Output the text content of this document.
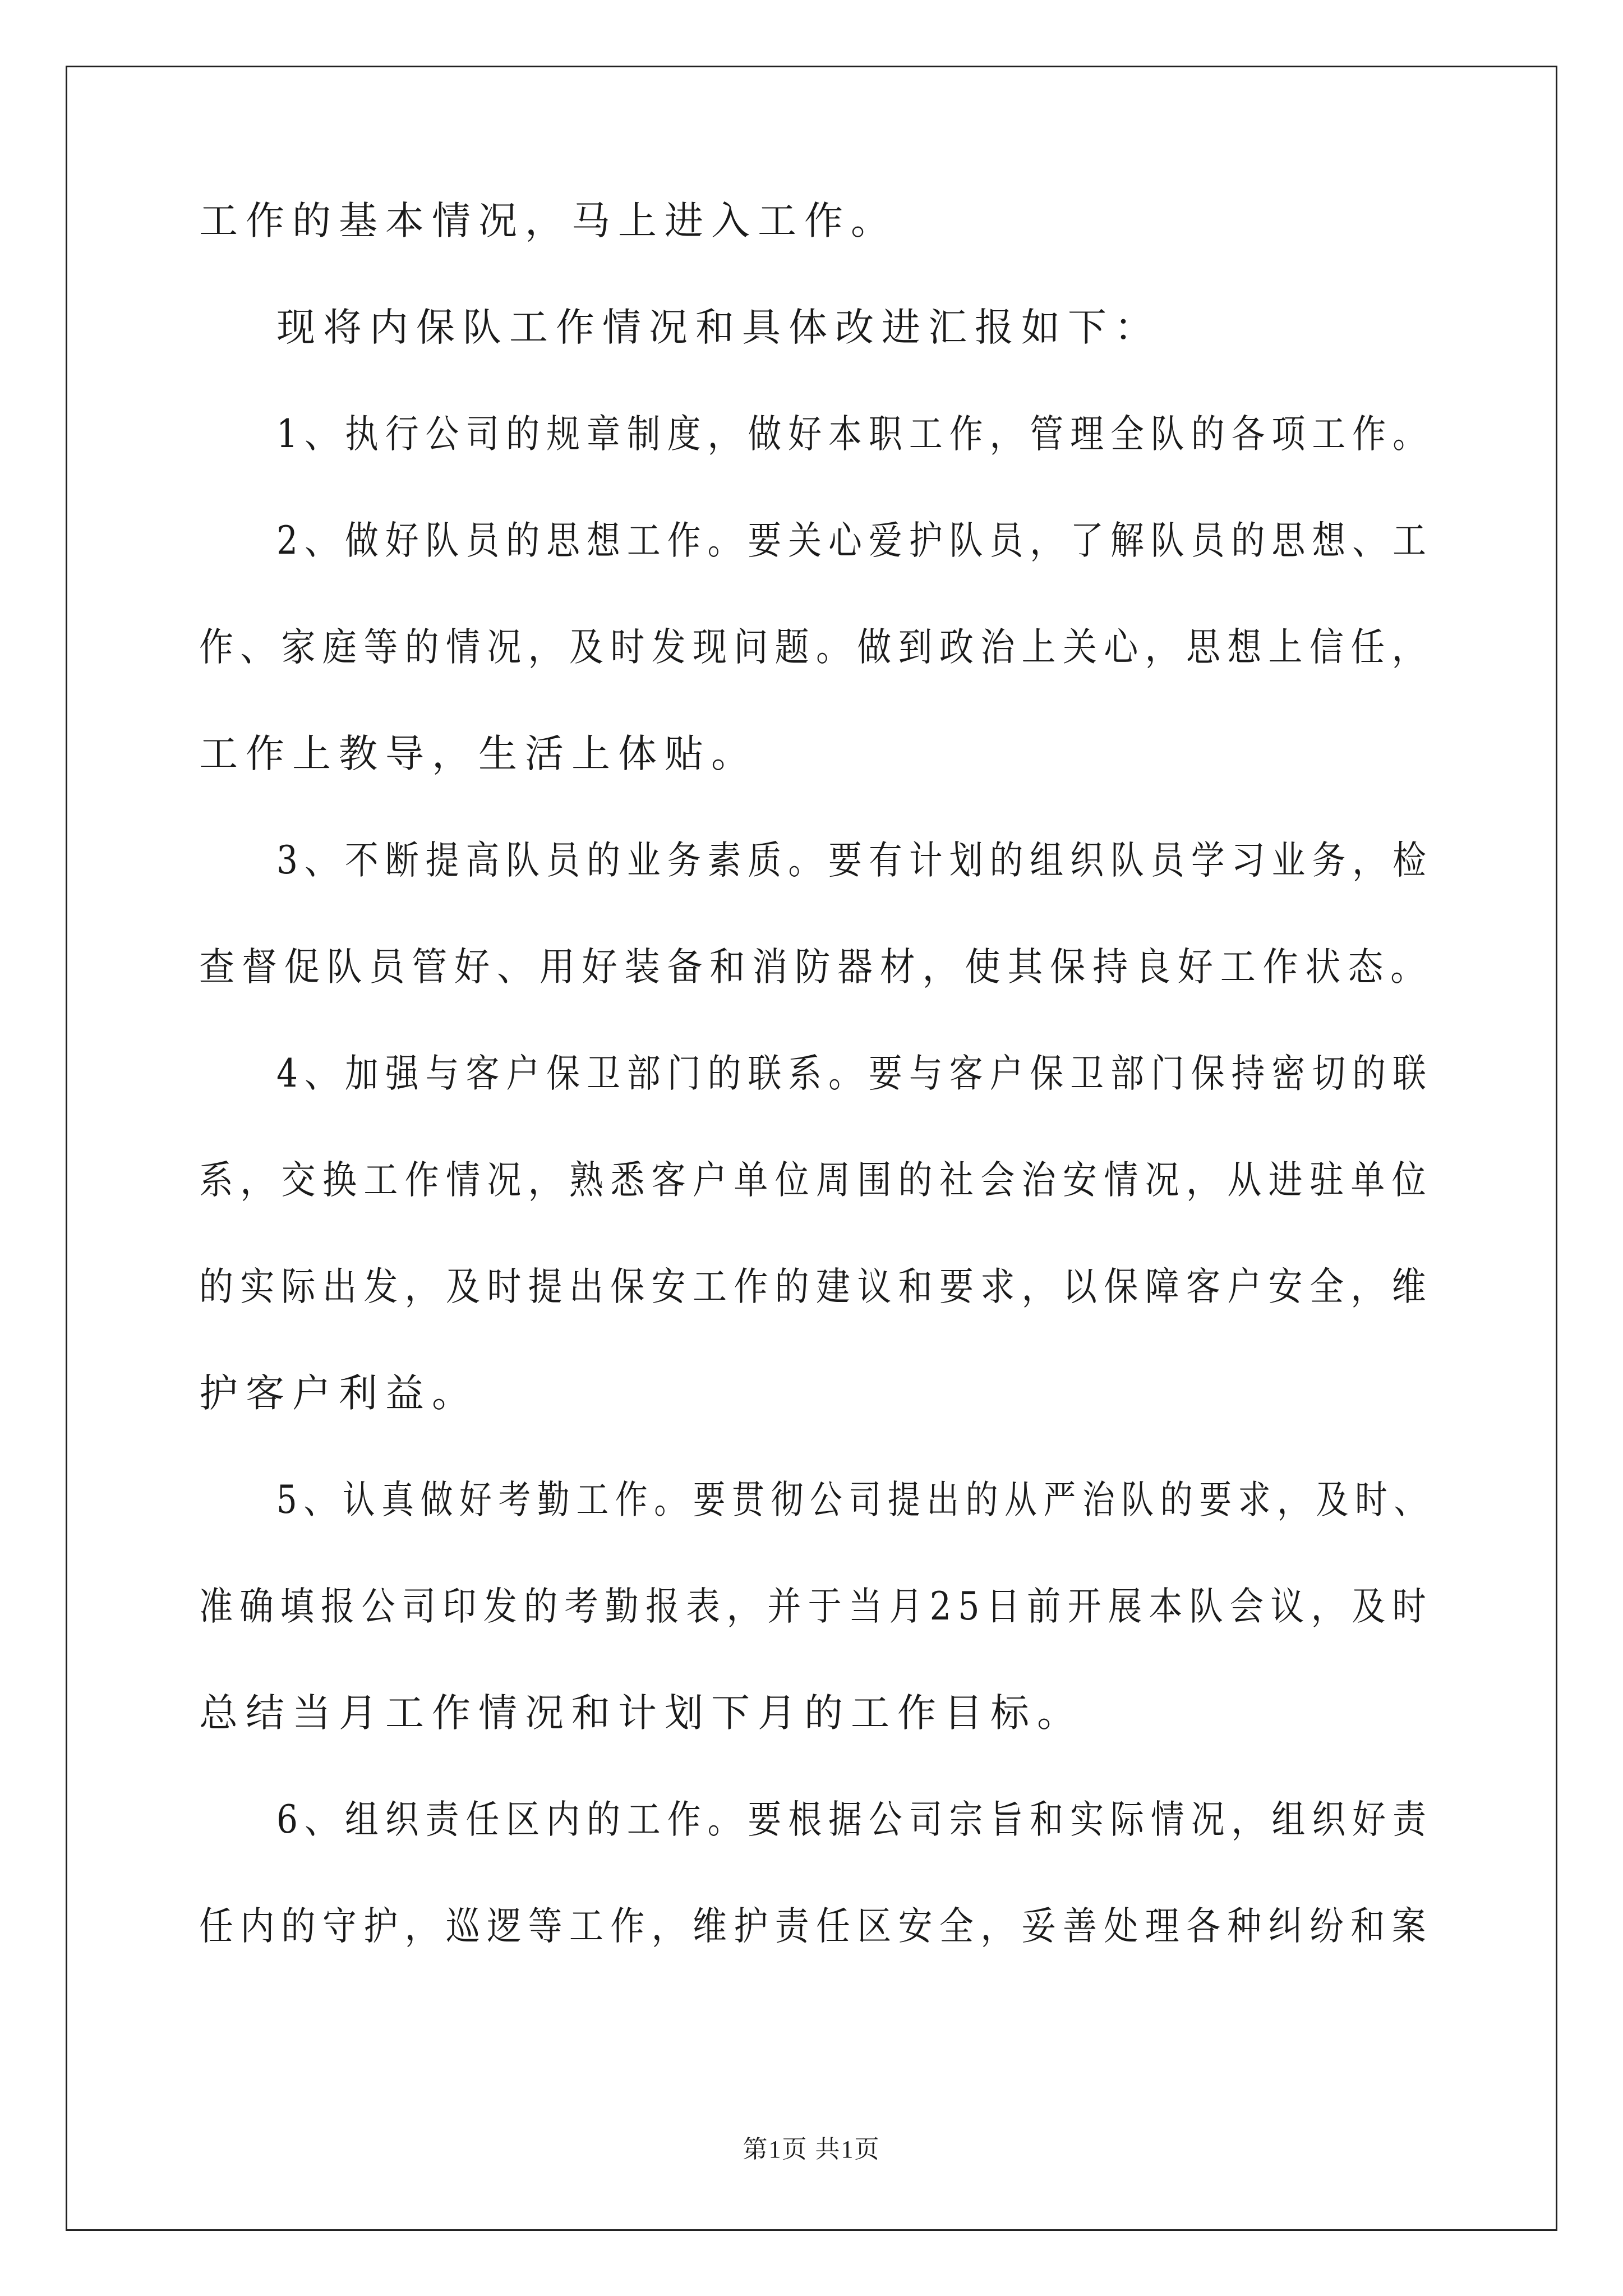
工作的基本情况，马上进入工作。
现将内保队工作情况和具体改进汇报如下：
1、执行公司的规章制度，做好本职工作，管理全队的各项工作。
2、做好队员的思想工作。要关心爱护队员，了解队员的思想、工
作、家庭等的情况，及时发现问题。做到政治上关心，思想上信任，
工作上教导，生活上体贴。
3、不断提高队员的业务素质。要有计划的组织队员学习业务，检
查督促队员管好、用好装备和消防器材，使其保持良好工作状态。
4、加强与客户保卫部门的联系。要与客户保卫部门保持密切的联
系，交换工作情况，熟悉客户单位周围的社会治安情况，从进驻单位
的实际出发，及时提出保安工作的建议和要求，以保障客户安全，维
护客户利益。
5、认真做好考勤工作。要贯彻公司提出的从严治队的要求，及时、
准确填报公司印发的考勤报表，并于当月25日前开展本队会议，及时
总结当月工作情况和计划下月的工作目标。
6、组织责任区内的工作。要根据公司宗旨和实际情况，组织好责
任内的守护，巡逻等工作，维护责任区安全，妥善处理各种纠纷和案
第1页 共1页
